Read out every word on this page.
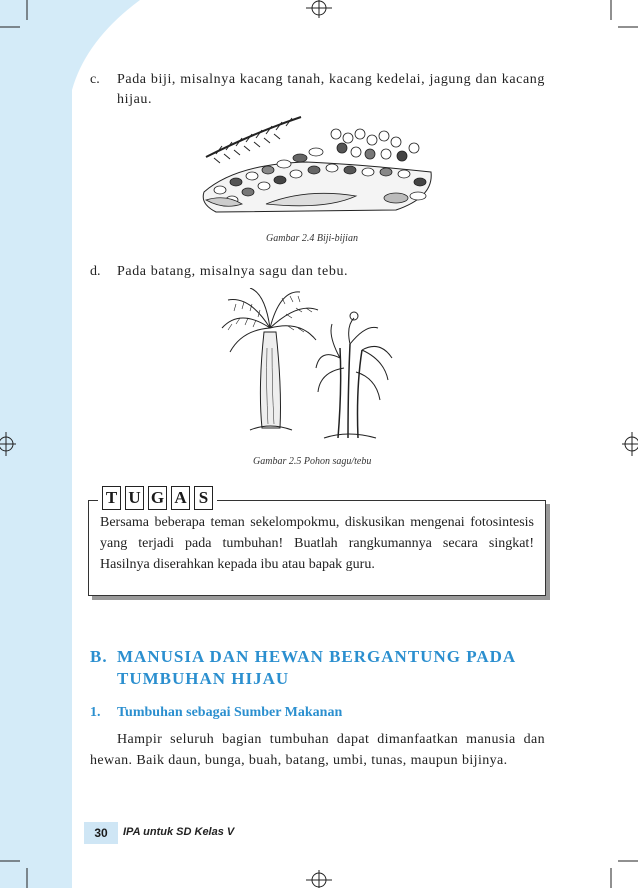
c.	Pada biji, misalnya kacang tanah, kacang kedelai, jagung dan kacang hijau.
Gambar 2.4 Biji-bijian
d.	Pada batang, misalnya sagu dan tebu.
Gambar 2.5 Pohon sagu/tebu
T U G A S
Bersama beberapa teman sekelompokmu, diskusikan mengenai fotosintesis yang terjadi pada tumbuhan! Buatlah rangkumannya secara singkat! Hasilnya diserahkan kepada ibu atau bapak guru.
B. MANUSIA DAN HEWAN BERGANTUNG PADA TUMBUHAN HIJAU
1.	Tumbuhan sebagai Sumber Makanan
Hampir seluruh bagian tumbuhan dapat dimanfaatkan manusia dan hewan. Baik daun, bunga, buah, batang, umbi, tunas, maupun bijinya.
30	IPA untuk SD Kelas V
